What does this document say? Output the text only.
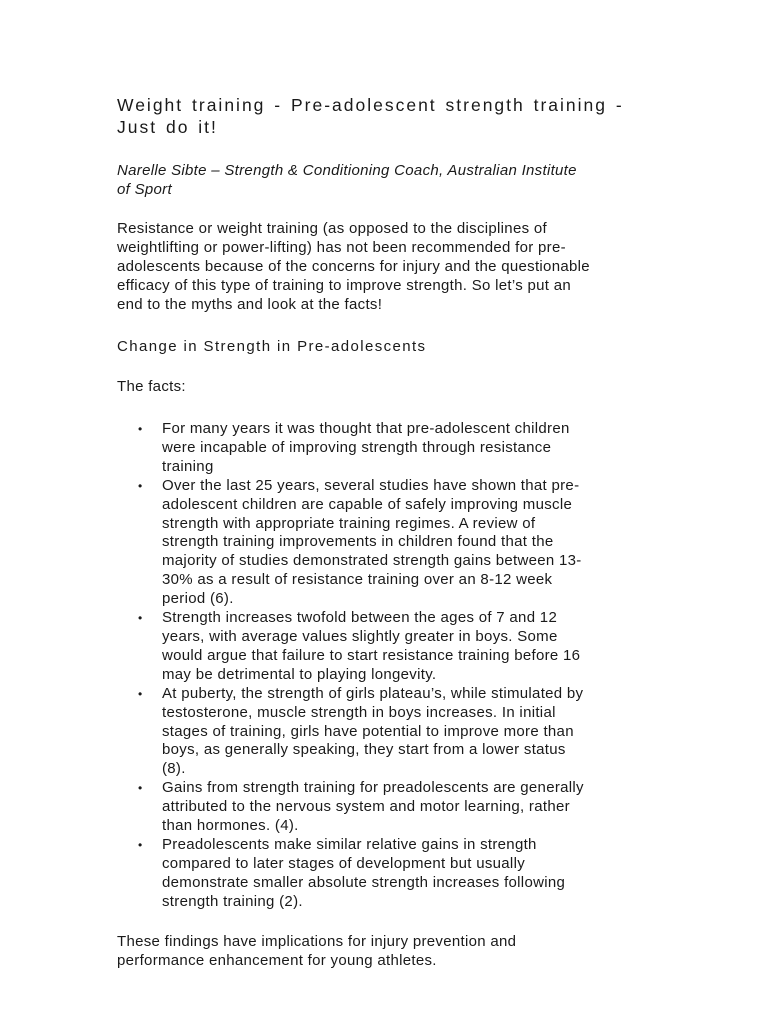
Weight training - Pre-adolescent strength training -
Just do it!

Narelle Sibte – Strength & Conditioning Coach, Australian Institute
of Sport

Resistance or weight training (as opposed to the disciplines of
weightlifting or power-lifting) has not been recommended for pre-
adolescents because of the concerns for injury and the questionable
efficacy of this type of training to improve strength. So let’s put an
end to the myths and look at the facts!

Change in Strength in Pre-adolescents

The facts:

• For many years it was thought that pre-adolescent children
were incapable of improving strength through resistance
training
• Over the last 25 years, several studies have shown that pre-
adolescent children are capable of safely improving muscle
strength with appropriate training regimes. A review of
strength training improvements in children found that the
majority of studies demonstrated strength gains between 13-
30% as a result of resistance training over an 8-12 week
period (6).
• Strength increases twofold between the ages of 7 and 12
years, with average values slightly greater in boys. Some
would argue that failure to start resistance training before 16
may be detrimental to playing longevity.
• At puberty, the strength of girls plateau’s, while stimulated by
testosterone, muscle strength in boys increases. In initial
stages of training, girls have potential to improve more than
boys, as generally speaking, they start from a lower status
(8).
• Gains from strength training for preadolescents are generally
attributed to the nervous system and motor learning, rather
than hormones. (4).
• Preadolescents make similar relative gains in strength
compared to later stages of development but usually
demonstrate smaller absolute strength increases following
strength training (2).

These findings have implications for injury prevention and
performance enhancement for young athletes.
